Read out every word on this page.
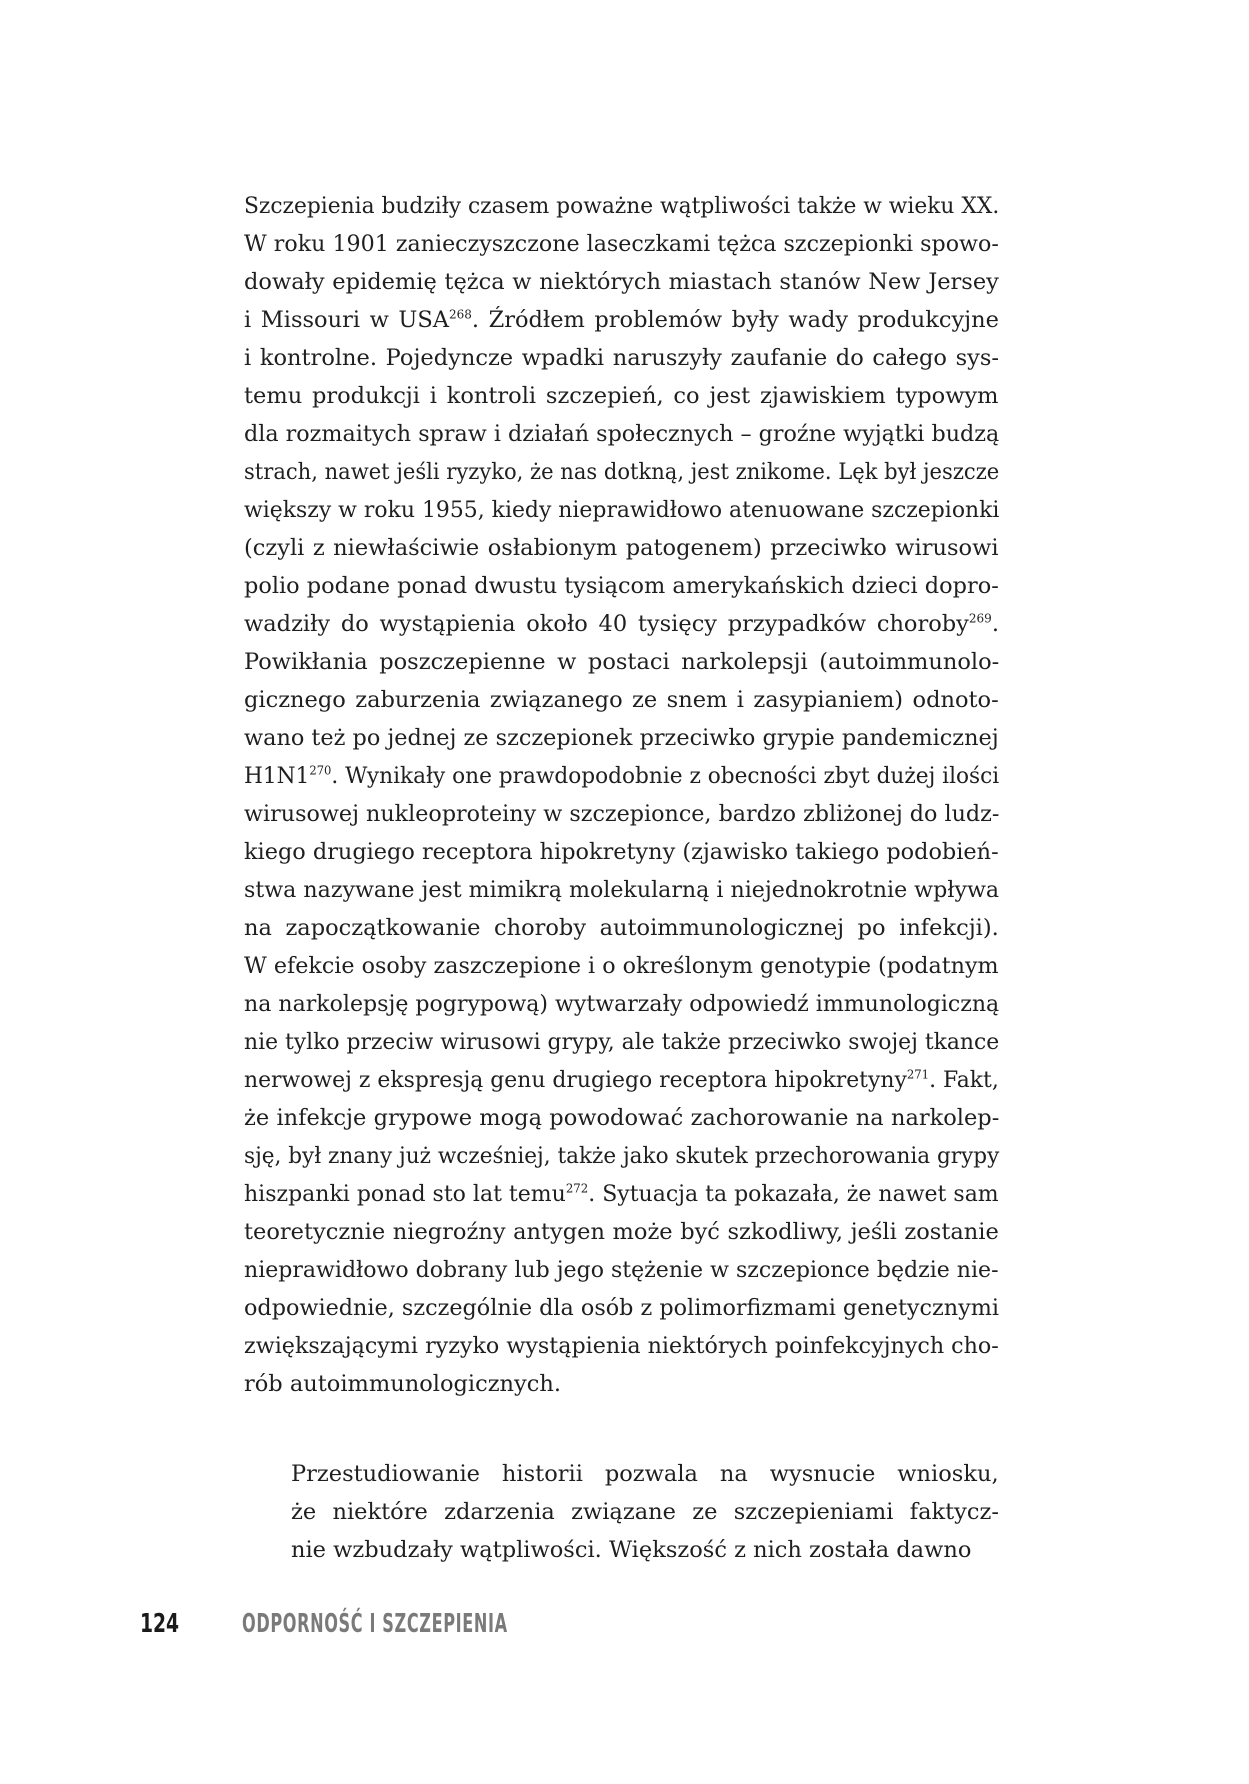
Szczepienia budziły czasem poważne wątpliwości także w wieku XX.
W roku 1901 zanieczyszczone laseczkami tężca szczepionki spowo-
dowały epidemię tężca w niektórych miastach stanów New Jersey
i Missouri w USA$^{268}$. Źródłem problemów były wady produkcyjne
i kontrolne. Pojedyncze wpadki naruszyły zaufanie do całego sys-
temu produkcji i kontroli szczepień, co jest zjawiskiem typowym
dla rozmaitych spraw i działań społecznych – groźne wyjątki budzą
strach, nawet jeśli ryzyko, że nas dotkną, jest znikome. Lęk był jeszcze
większy w roku 1955, kiedy nieprawidłowo atenuowane szczepionki
(czyli z niewłaściwie osłabionym patogenem) przeciwko wirusowi
polio podane ponad dwustu tysiącom amerykańskich dzieci dopro-
wadziły do wystąpienia około 40 tysięcy przypadków choroby$^{269}$.
Powikłania poszczepienne w postaci narkolepsji (autoimmunolo-
gicznego zaburzenia związanego ze snem i zasypianiem) odnoto-
wano też po jednej ze szczepionek przeciwko grypie pandemicznej
$H1N1^{270}$. Wynikały one prawdopodobnie z obecności zbyt dużej ilości
wirusowej nukleoproteiny w szczepionce, bardzo zbliżonej do ludz-
kiego drugiego receptora hipokretyny (zjawisko takiego podobień-
stwa nazywane jest mimikrą molekularną i niejednokrotnie wpływa
na zapoczątkowanie choroby autoimmunologicznej po infekcji).
W efekcie osoby zaszczepione i o określonym genotypie (podatnym
na narkolepsję pogrypową) wytwarzały odpowiedź immunologiczną
nie tylko przeciw wirusowi grypy, ale także przeciwko swojej tkance
nerwowej z ekspresją genu drugiego receptora hipokretyny$^{271}$. Fakt,
że infekcje grypowe mogą powodować zachorowanie na narkolep-
sję, był znany już wcześniej, także jako skutek przechorowania grypy
hiszpanki ponad sto lat temu$^{272}$. Sytuacja ta pokazała, że nawet sam
teoretycznie niegroźny antygen może być szkodliwy, jeśli zostanie
nieprawidłowo dobrany lub jego stężenie w szczepionce będzie nie-
odpowiednie, szczególnie dla osób z polimorfizmami genetycznymi
zwiększającymi ryzyko wystąpienia niektórych poinfekcyjnych cho-
rób autoimmunologicznych.
Przestudiowanie historii pozwala na wysnucie wniosku,
że niektóre zdarzenia związane ze szczepieniami faktycz-
nie wzbudzały wątpliwości. Większość z nich została dawno
124 ODPORNOŚĆ I SZCZEPIENIA
